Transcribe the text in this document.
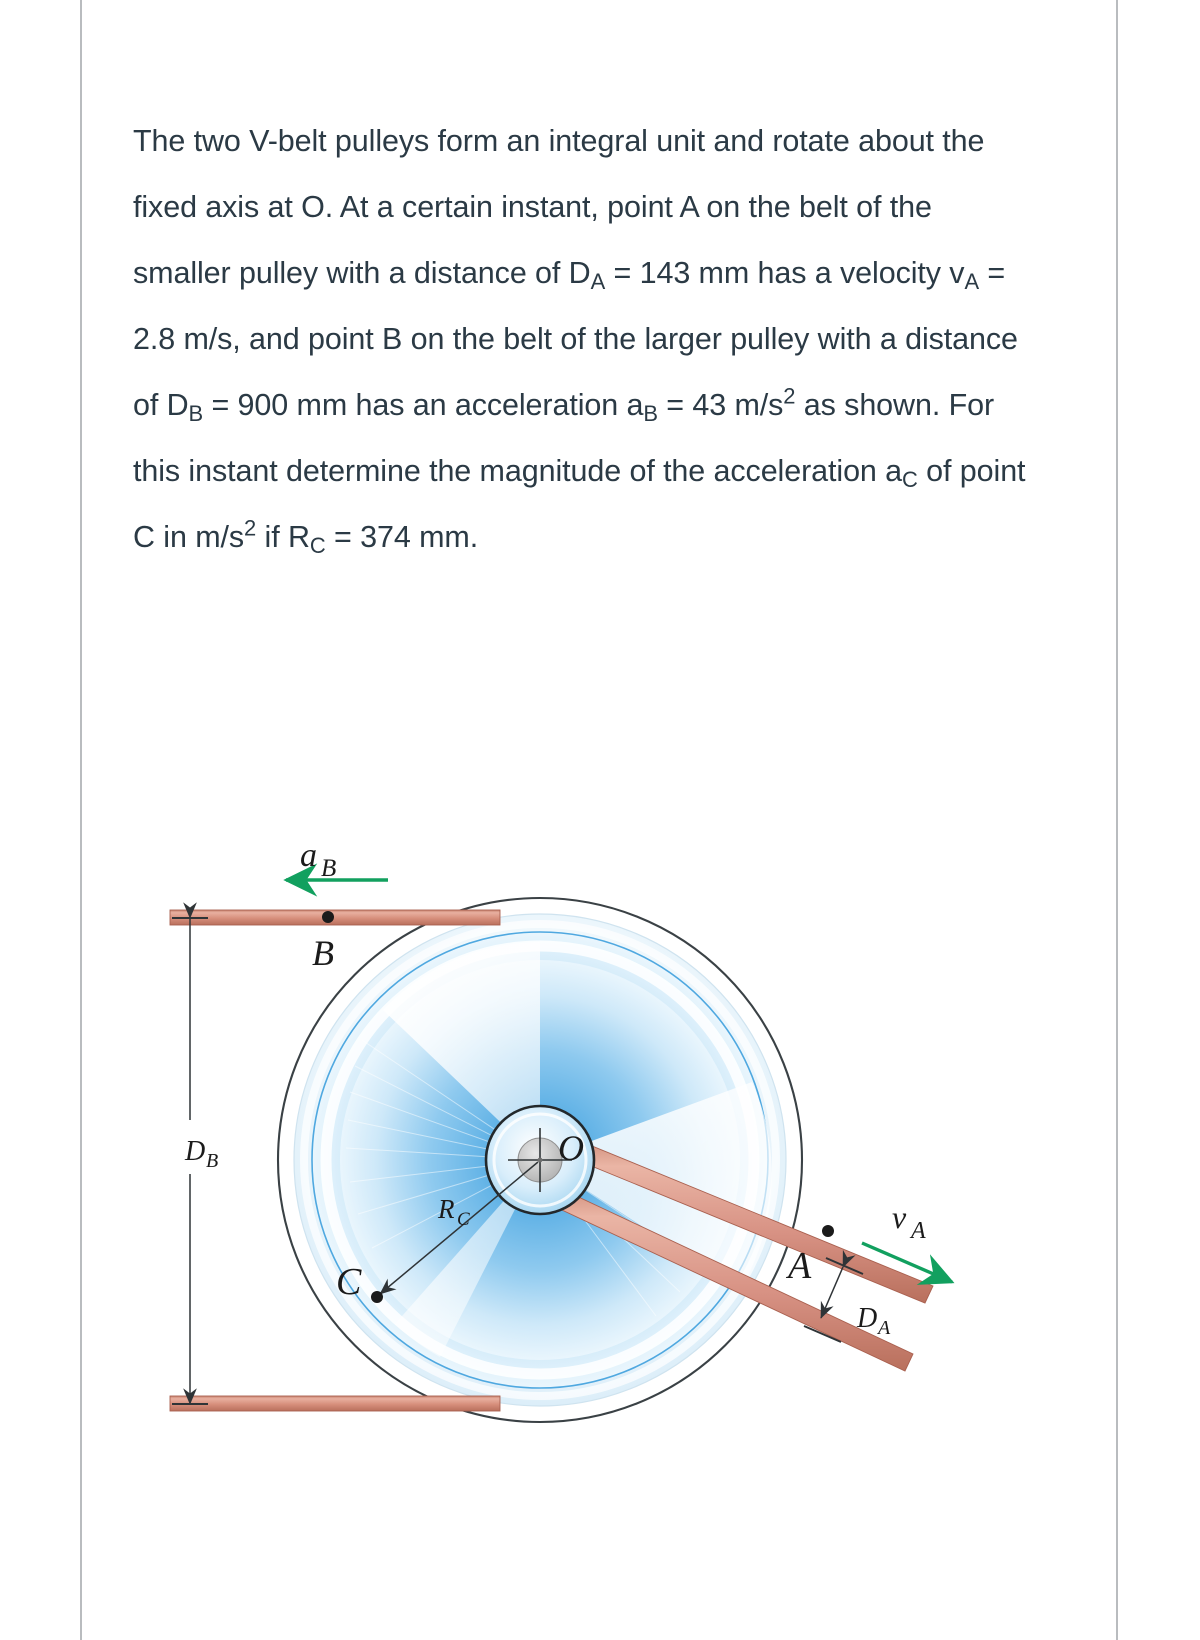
The two V-belt pulleys form an integral unit and rotate about the fixed axis at O. At a certain instant, point A on the belt of the smaller pulley with a distance of $D_A = 143$ mm has a velocity $v_A = 2.8$ m/s, and point B on the belt of the larger pulley with a distance of $D_B = 900$ mm has an acceleration $a_B = 43$ $m/s^2$ as shown. For this instant determine the magnitude of the acceleration $a_C$ of point C in $m/s^2$ if $R_C = 374$ mm.
a B
B
O
C	A
R C
D B
D A
v A
